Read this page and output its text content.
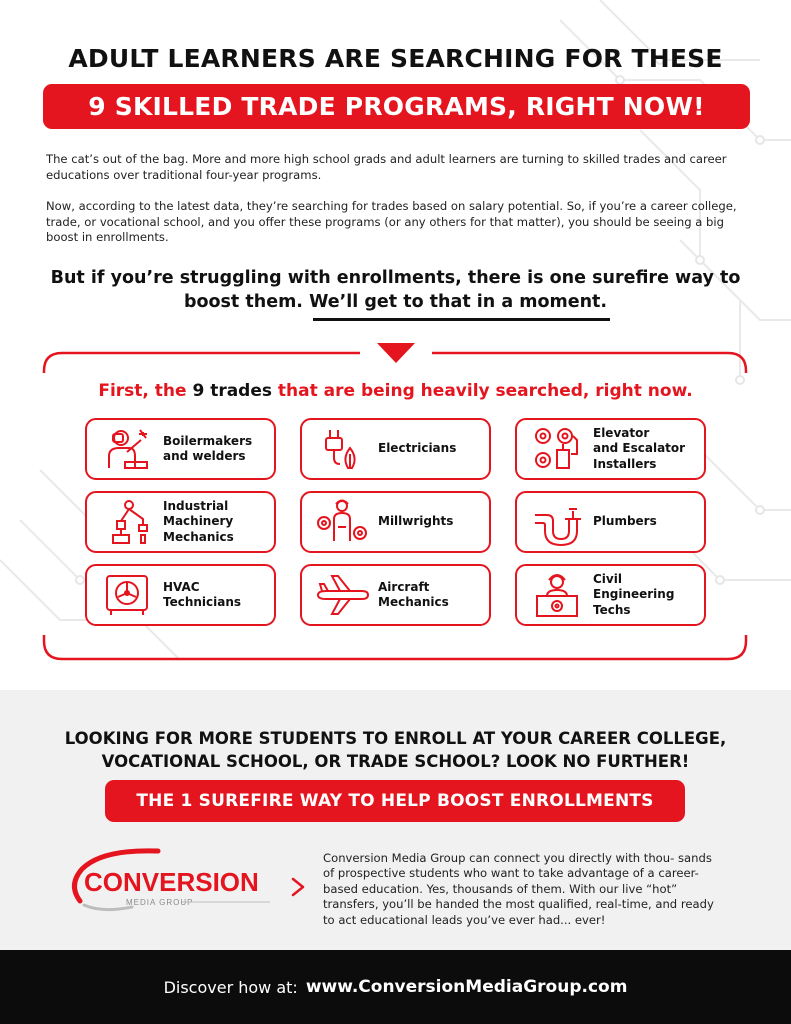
ADULT LEARNERS ARE SEARCHING FOR THESE
9 SKILLED TRADE PROGRAMS, RIGHT NOW!

The cat’s out of the bag. More and more high school grads and adult learners are turning to skilled trades and career educations over traditional four-year programs.

Now, according to the latest data, they’re searching for trades based on salary potential. So, if you’re a career college, trade, or vocational school, and you offer these programs (or any others for that matter), you should be seeing a big boost in enrollments.

But if you’re struggling with enrollments, there is one surefire way to
boost them. We’ll get to that in a moment.
First, the 9 trades that are being heavily searched, right now.
Boilermakers
and welders
Electricians
Elevator
and Escalator
Installers
Industrial
Machinery
Mechanics
Millwrights	Plumbers
HVAC
Technicians
Aircraft
Mechanics
Civil
Engineering
Techs
LOOKING FOR MORE STUDENTS TO ENROLL AT YOUR CAREER COLLEGE,
VOCATIONAL SCHOOL, OR TRADE SCHOOL? LOOK NO FURTHER!
THE 1 SUREFIRE WAY TO HELP BOOST ENROLLMENTS
CONVERSION
MEDIA GROUP

Conversion Media Group can connect you directly with thou- sands of prospective students who want to take advantage of a career-based education. Yes, thousands of them. With our live “hot” transfers, you’ll be handed the most qualified, real-time, and ready to act educational leads you’ve ever had... ever!

Discover how at: www.ConversionMediaGroup.com
